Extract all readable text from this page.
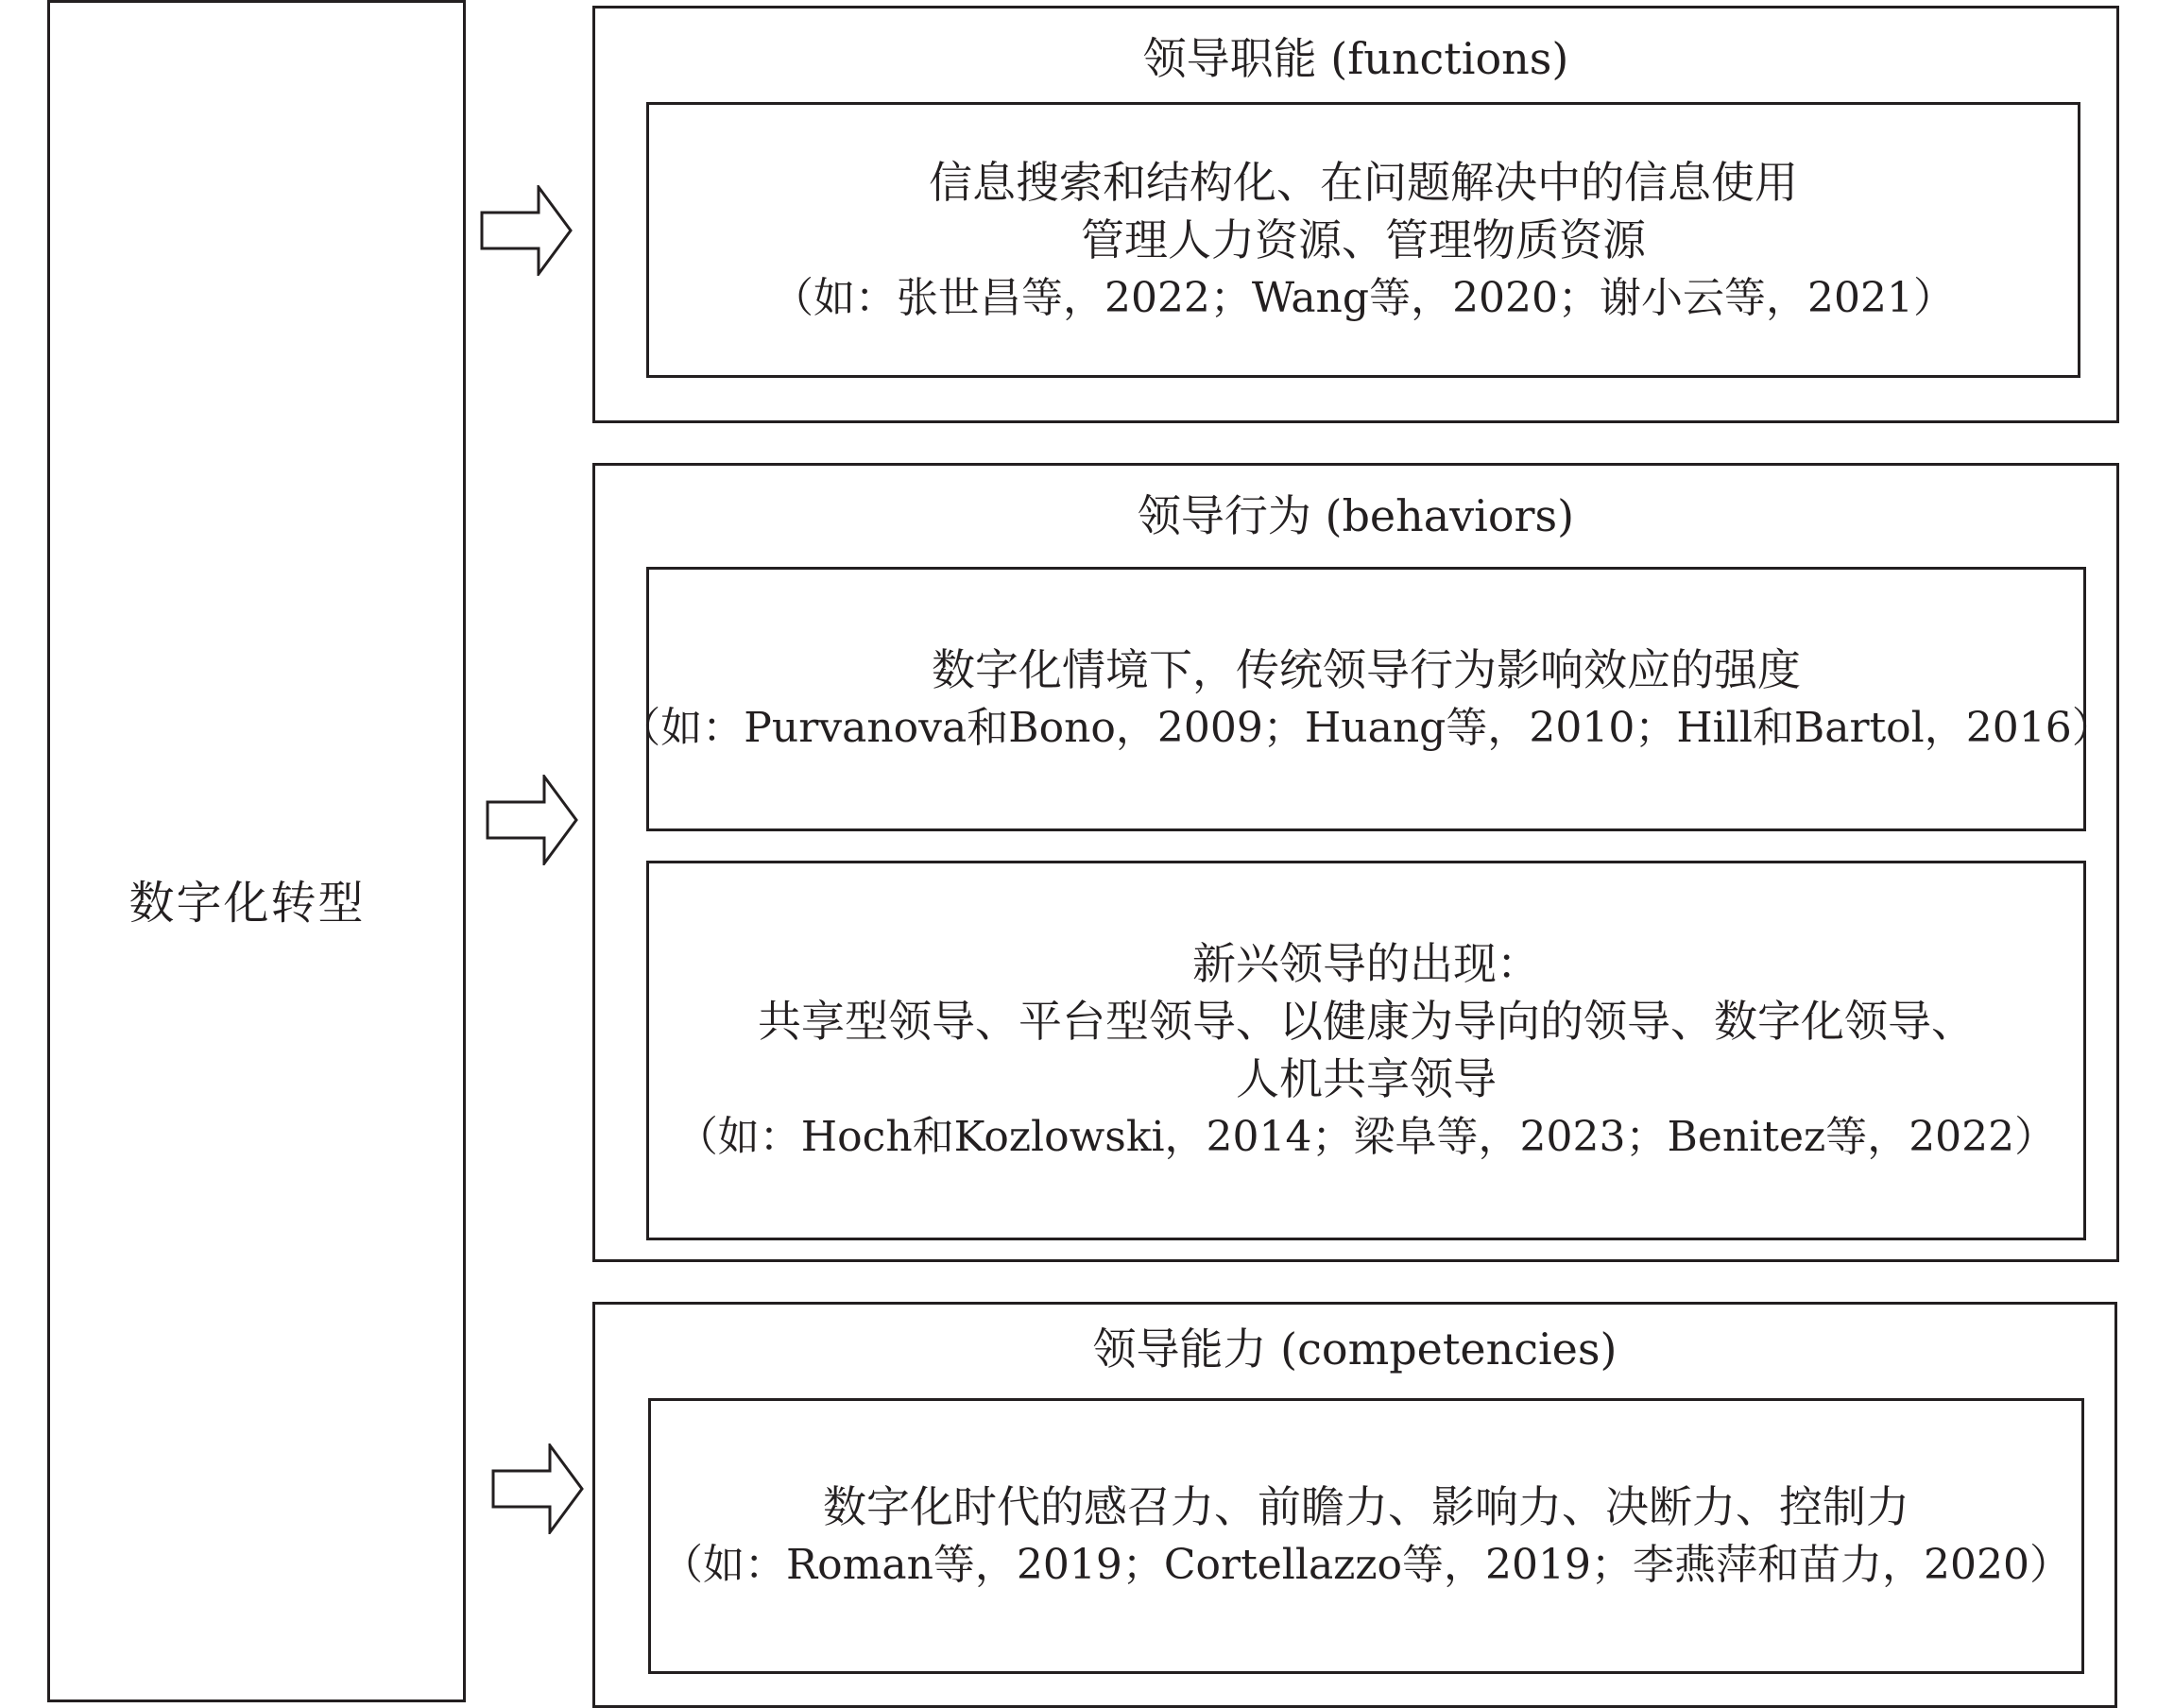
数字化转型
领导职能 (functions)
信息搜索和结构化、在问题解决中的信息使用
管理人力资源、管理物质资源
（如：张世昌等，2022；Wang等，2020；谢小云等，2021）
领导行为 (behaviors)
数字化情境下，传统领导行为影响效应的强度
（如：Purvanova和Bono，2009；Huang等，2010；Hill和Bartol，2016）
新兴领导的出现：
共享型领导、平台型领导、以健康为导向的领导、数字化领导、
人机共享领导
（如：Hoch和Kozlowski，2014；梁阜等，2023；Benitez等，2022）
领导能力 (competencies)
数字化时代的感召力、前瞻力、影响力、决断力、控制力
（如：Roman等，2019；Cortellazzo等，2019；李燕萍和苗力，2020）
